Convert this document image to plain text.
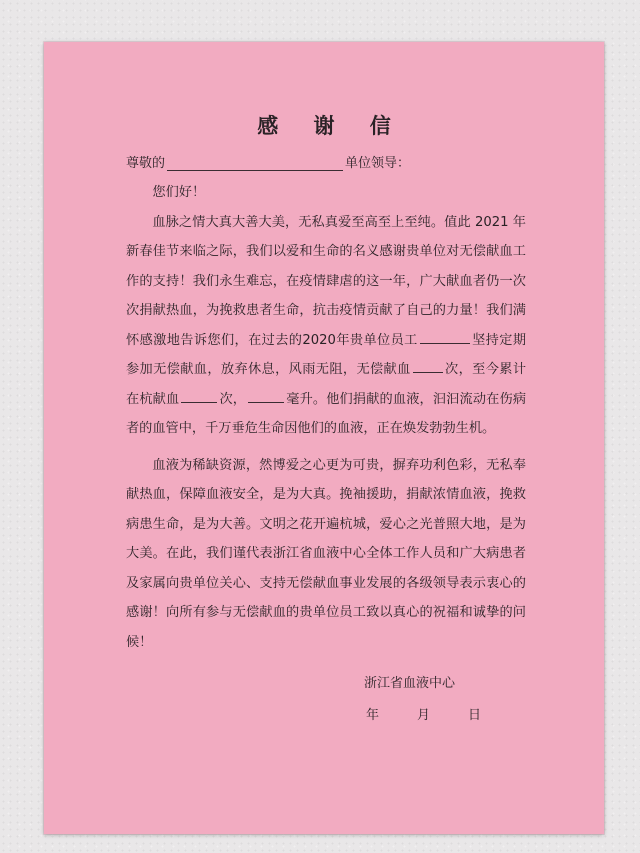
感 谢 信
尊敬的	单位领导：

您们好！

血脉之情大真大善大美，无私真爱至高至上至纯。值此 2021 年新春佳节来临之际，我们以爱和生命的名义感谢贵单位对无偿献血工作的支持！我们永生难忘，在疫情肆虐的这一年，广大献血者仍一次次捐献热血，为挽救患者生命，抗击疫情贡献了自己的力量！我们满怀感激地告诉您们，在过去的2020年贵单位员工	坚持定期参加无偿献血，放弃休息，风雨无阻，无偿献血	次，至今累计在杭献血	次，	毫升。他们捐献的血液，汩汩流动在伤病者的血管中，千万垂危生命因他们的血液，正在焕发勃勃生机。

血液为稀缺资源，然博爱之心更为可贵，摒弃功利色彩，无私奉献热血，保障血液安全，是为大真。挽袖援助，捐献浓情血液，挽救病患生命，是为大善。文明之花开遍杭城，爱心之光普照大地，是为大美。在此，我们谨代表浙江省血液中心全体工作人员和广大病患者及家属向贵单位关心、支持无偿献血事业发展的各级领导表示衷心的感谢！向所有参与无偿献血的贵单位员工致以真心的祝福和诚挚的问候！

浙江省血液中心
年	月	日
